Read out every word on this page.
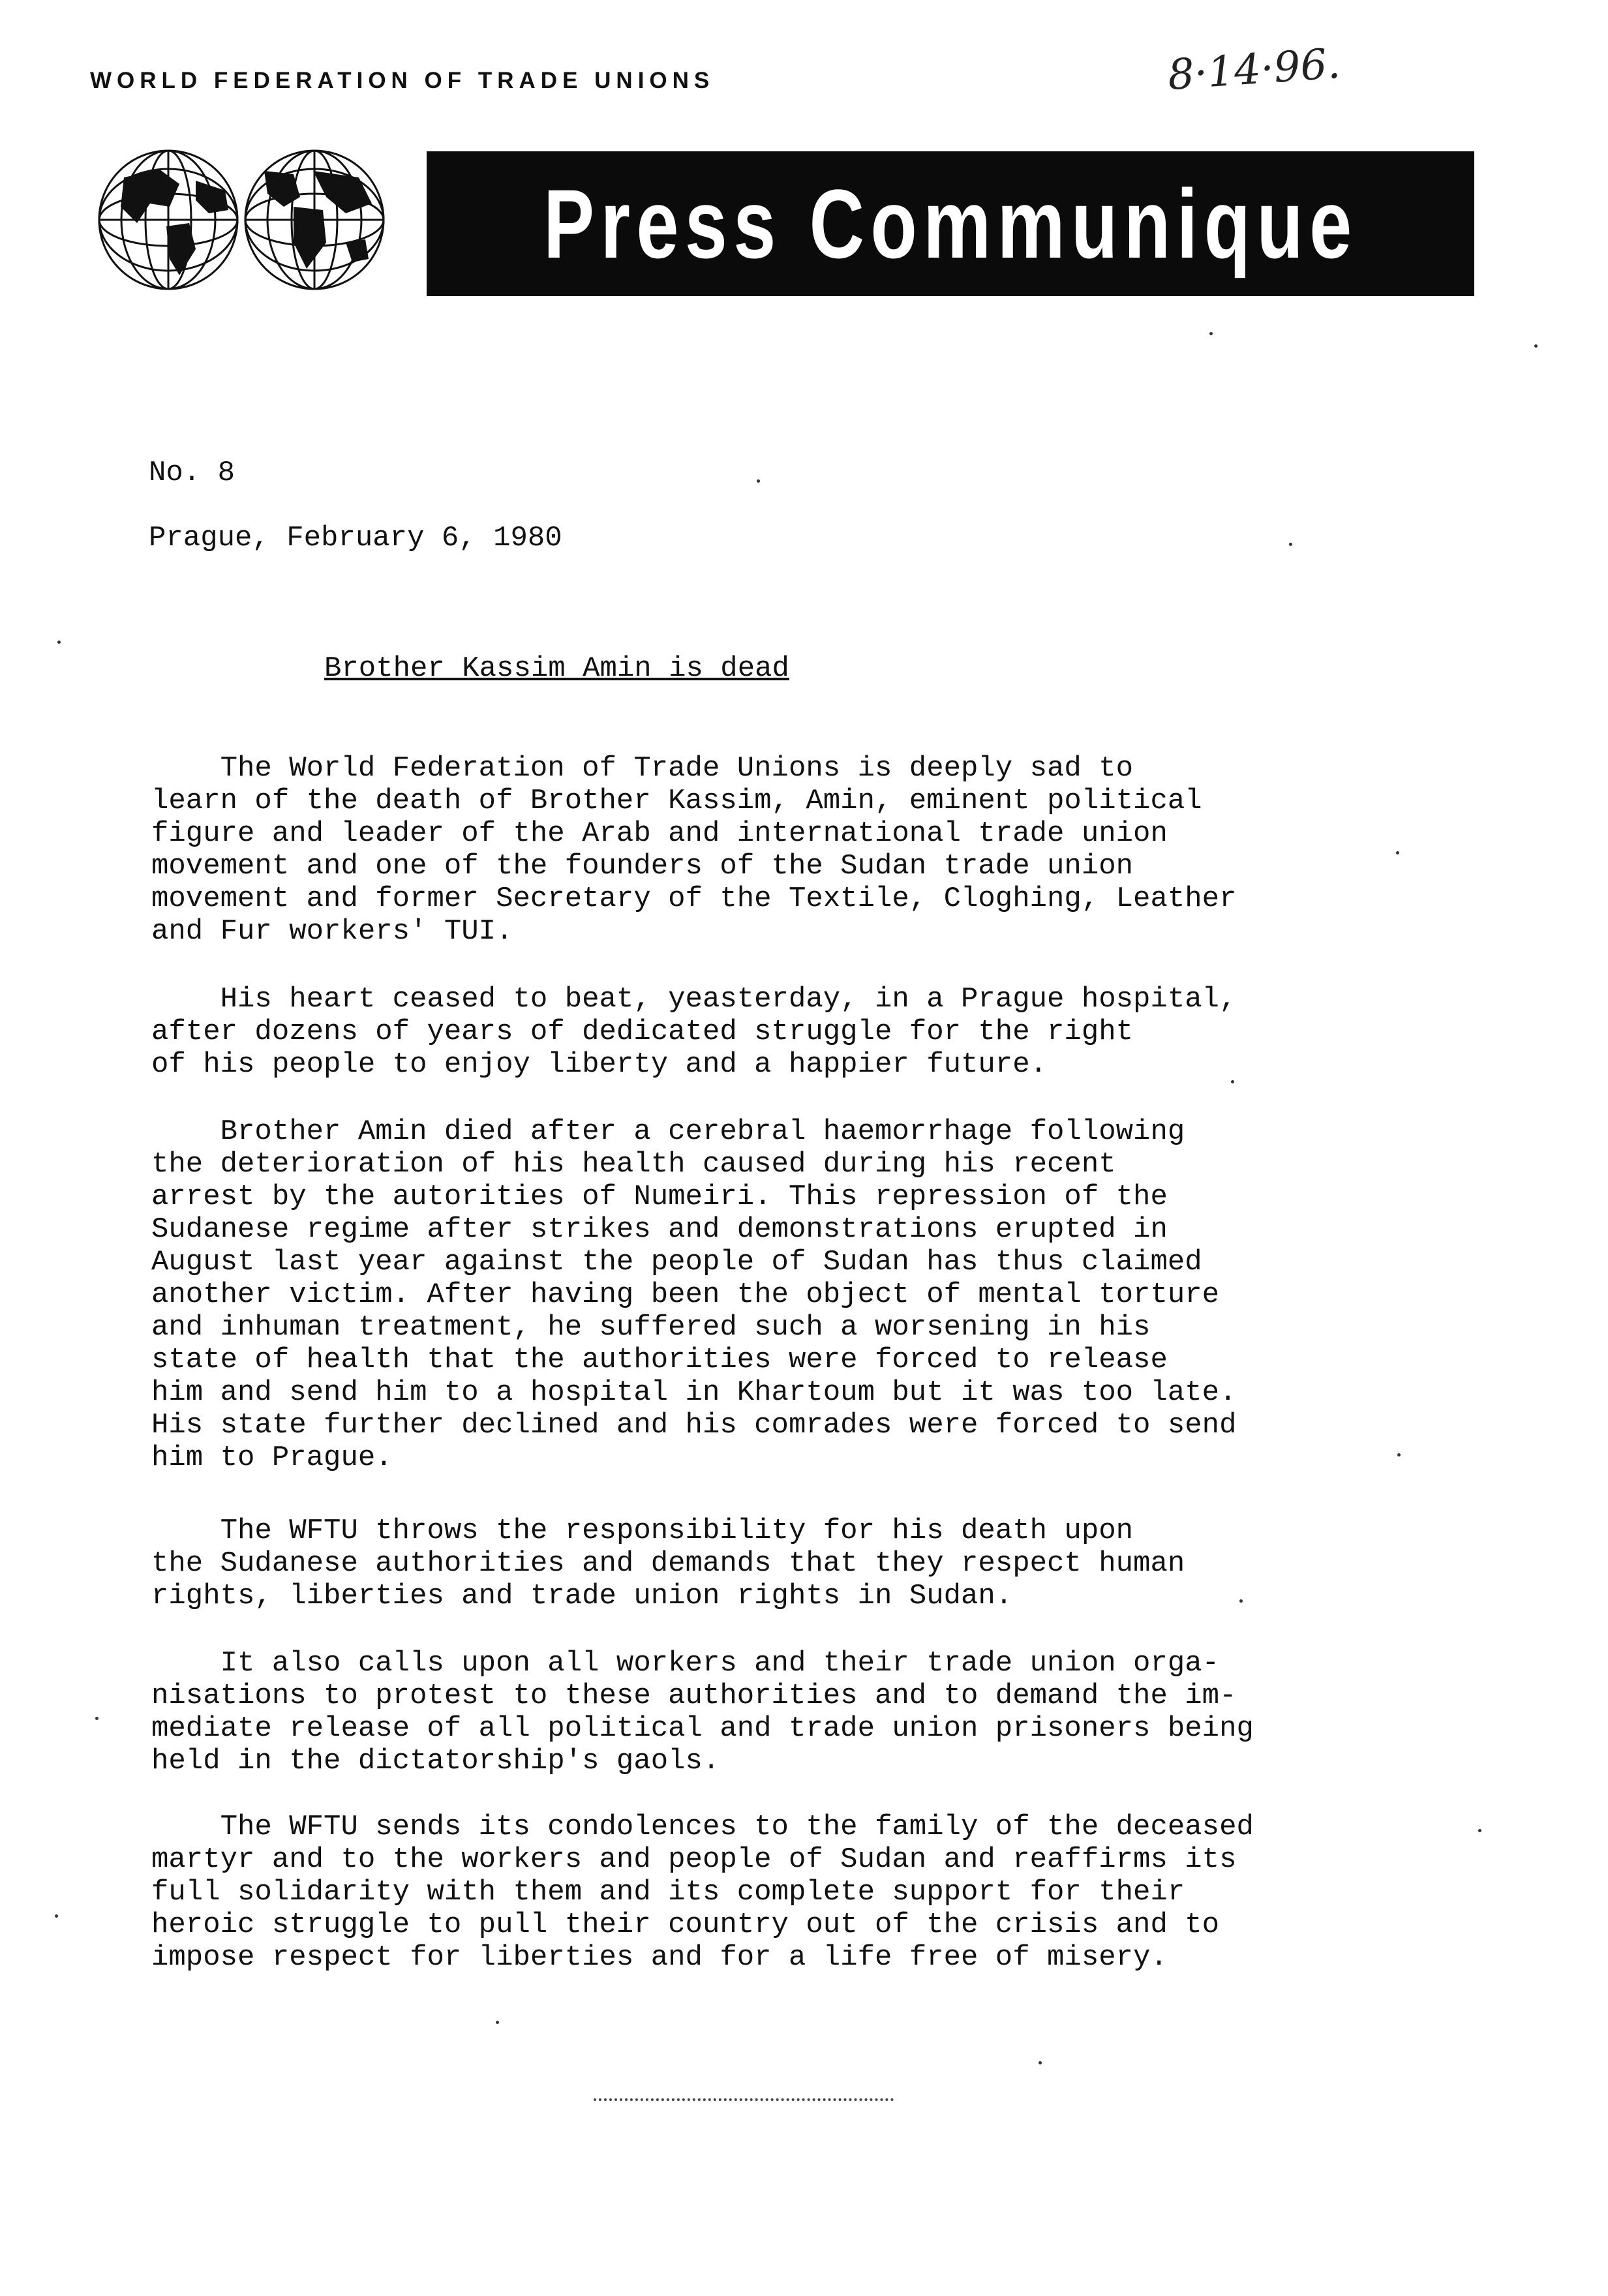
WORLD FEDERATION OF TRADE UNIONS	8·14·96.
Press Communique
No. 8
Prague, February 6, 1980
Brother Kassim Amin is dead
The World Federation of Trade Unions is deeply sad to
learn of the death of Brother Kassim, Amin, eminent political
figure and leader of the Arab and international trade union
movement and one of the founders of the Sudan trade union
movement and former Secretary of the Textile, Cloghing, Leather
and Fur workers' TUI.
His heart ceased to beat, yeasterday, in a Prague hospital,
after dozens of years of dedicated struggle for the right
of his people to enjoy liberty and a happier future.
Brother Amin died after a cerebral haemorrhage following
the deterioration of his health caused during his recent
arrest by the autorities of Numeiri. This repression of the
Sudanese regime after strikes and demonstrations erupted in
August last year against the people of Sudan has thus claimed
another victim. After having been the object of mental torture
and inhuman treatment, he suffered such a worsening in his
state of health that the authorities were forced to release
him and send him to a hospital in Khartoum but it was too late.
His state further declined and his comrades were forced to send
him to Prague.
The WFTU throws the responsibility for his death upon
the Sudanese authorities and demands that they respect human
rights, liberties and trade union rights in Sudan.
It also calls upon all workers and their trade union orga-
nisations to protest to these authorities and to demand the im-
mediate release of all political and trade union prisoners being
held in the dictatorship's gaols.
The WFTU sends its condolences to the family of the deceased
martyr and to the workers and people of Sudan and reaffirms its
full solidarity with them and its complete support for their
heroic struggle to pull their country out of the crisis and to
impose respect for liberties and for a life free of misery.
